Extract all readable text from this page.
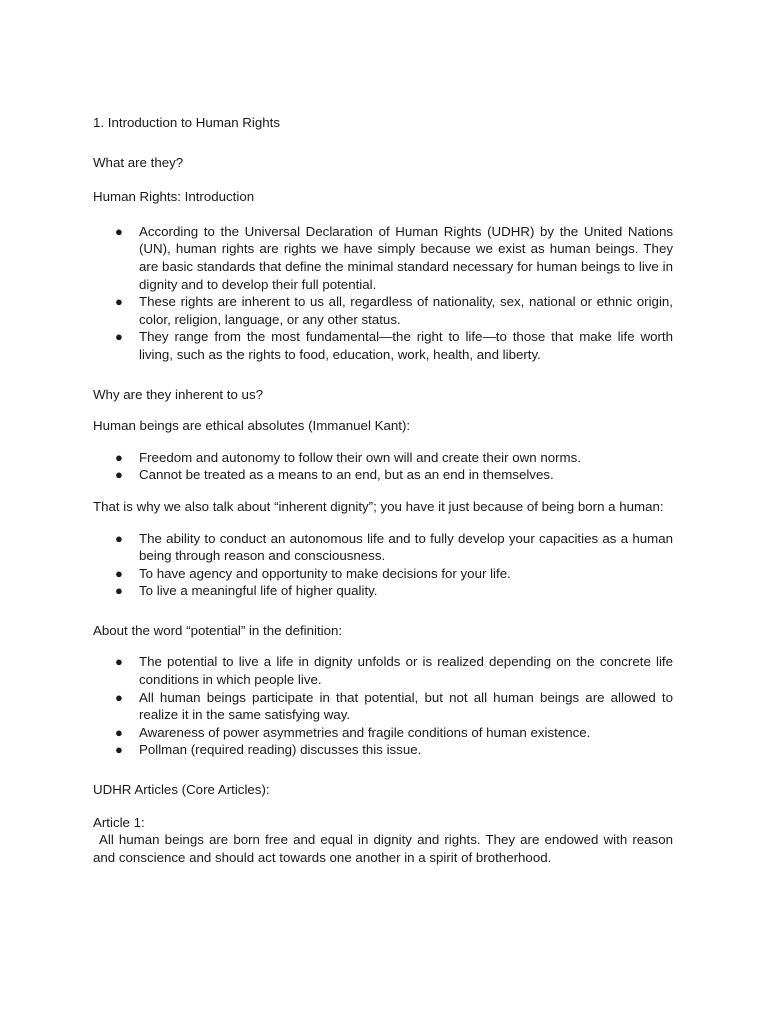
1. Introduction to Human Rights

What are they?

Human Rights: Introduction

● According to the Universal Declaration of Human Rights (UDHR) by the United Nations (UN), human rights are rights we have simply because we exist as human beings. They are basic standards that define the minimal standard necessary for human beings to live in dignity and to develop their full potential.
● These rights are inherent to us all, regardless of nationality, sex, national or ethnic origin, color, religion, language, or any other status.
● They range from the most fundamental—the right to life—to those that make life worth living, such as the rights to food, education, work, health, and liberty.

Why are they inherent to us?

Human beings are ethical absolutes (Immanuel Kant):

● Freedom and autonomy to follow their own will and create their own norms.
● Cannot be treated as a means to an end, but as an end in themselves.

That is why we also talk about “inherent dignity”; you have it just because of being born a human:

● The ability to conduct an autonomous life and to fully develop your capacities as a human being through reason and consciousness.
● To have agency and opportunity to make decisions for your life.
● To live a meaningful life of higher quality.

About the word “potential” in the definition:

● The potential to live a life in dignity unfolds or is realized depending on the concrete life conditions in which people live.
● All human beings participate in that potential, but not all human beings are allowed to realize it in the same satisfying way.
● Awareness of power asymmetries and fragile conditions of human existence.
● Pollman (required reading) discusses this issue.

UDHR Articles (Core Articles):

Article 1:

All human beings are born free and equal in dignity and rights. They are endowed with reason and conscience and should act towards one another in a spirit of brotherhood.
